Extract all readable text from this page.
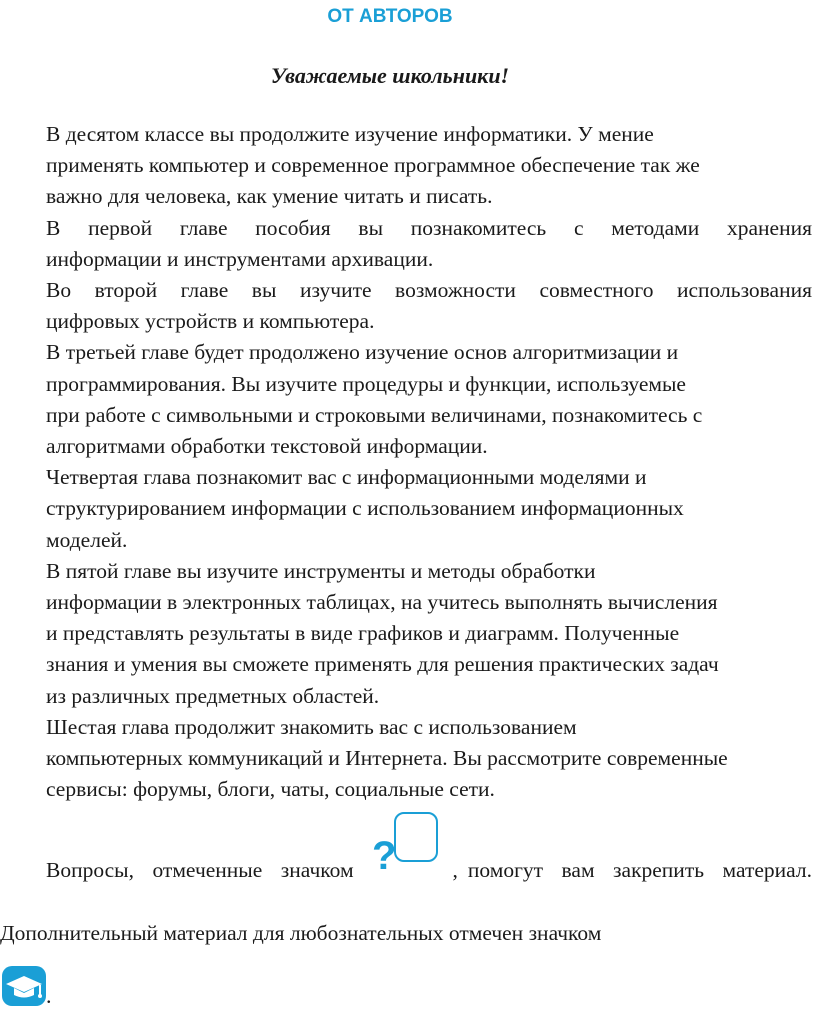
ОТ АВТОРОВ

Уважаемые школьники!

В десятом классе вы продолжите изучение информатики. У мение
применять компьютер и современное программное обеспечение так же
важно для человека, как умение читать и писать.

В первой главе пособия вы познакомитесь с методами хранения
информации и инструментами архивации.

Во второй главе вы изучите возможности совместного использования
цифровых устройств и компьютера.

В третьей главе будет продолжено изучение основ алгоритмизации и
программирования. Вы изучите процедуры и функции, используемые
при работе с символьными и строковыми величинами, познакомитесь с
алгоритмами обработки текстовой информации.

Четвертая глава познакомит вас с информационными моделями и
структурированием информации с использованием информационных
моделей.

В пятой главе вы изучите инструменты и методы обработки
информации в электронных таблицах, на учитесь выполнять вычисления
и представлять результаты в виде графиков и диаграмм. Полученные
знания и умения вы сможете применять для решения практических задач
из различных предметных областей.

Шестая глава продолжит знакомить вас с использованием
компьютерных коммуникаций и Интернета. Вы рассмотрите современные
сервисы: форумы, блоги, чаты, социальные сети.

Вопросы, отмеченные значком ?	, помогут вам закрепить материал.

Дополнительный материал для любознательных отмечен значком

.
